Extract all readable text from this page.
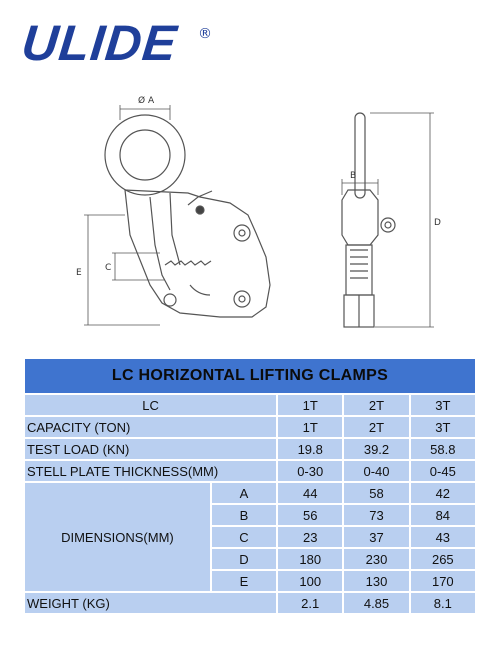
ULIDE ®
Ø A
E	C
B
D
LC HORIZONTAL LIFTING CLAMPS				
LC		1T	2T	3T
CAPACITY (TON)		1T	2T	3T
TEST LOAD (KN)		19.8	39.2	58.8
STELL PLATE THICKNESS(MM)		0-30	0-40	0-45
DIMENSIONS(MM)	A	44	58	42
	B	56	73	84
	C	23	37	43
	D	180	230	265
	E	100	130	170
WEIGHT (KG)		2.1	4.85	8.1
